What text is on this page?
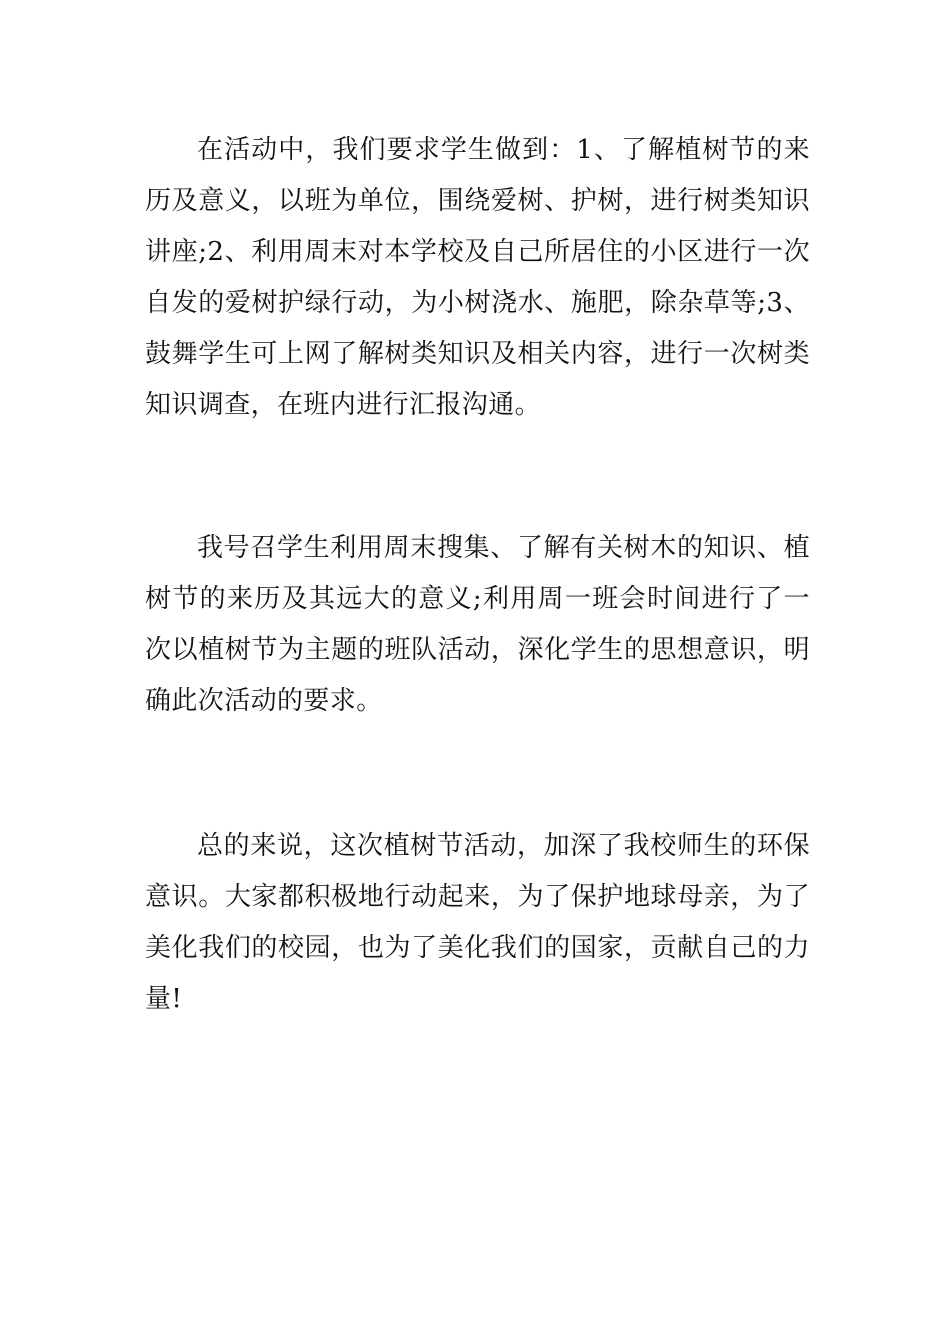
在活动中，我们要求学生做到：1、了解植树节的来历及意义，以班为单位，围绕爱树、护树，进行树类知识讲座;2、利用周末对本学校及自己所居住的小区进行一次自发的爱树护绿行动，为小树浇水、施肥，除杂草等;3、鼓舞学生可上网了解树类知识及相关内容，进行一次树类知识调查，在班内进行汇报沟通。

我号召学生利用周末搜集、了解有关树木的知识、植树节的来历及其远大的意义;利用周一班会时间进行了一次以植树节为主题的班队活动，深化学生的思想意识，明确此次活动的要求。

总的来说，这次植树节活动，加深了我校师生的环保意识。大家都积极地行动起来，为了保护地球母亲，为了美化我们的校园，也为了美化我们的国家，贡献自己的力量!
